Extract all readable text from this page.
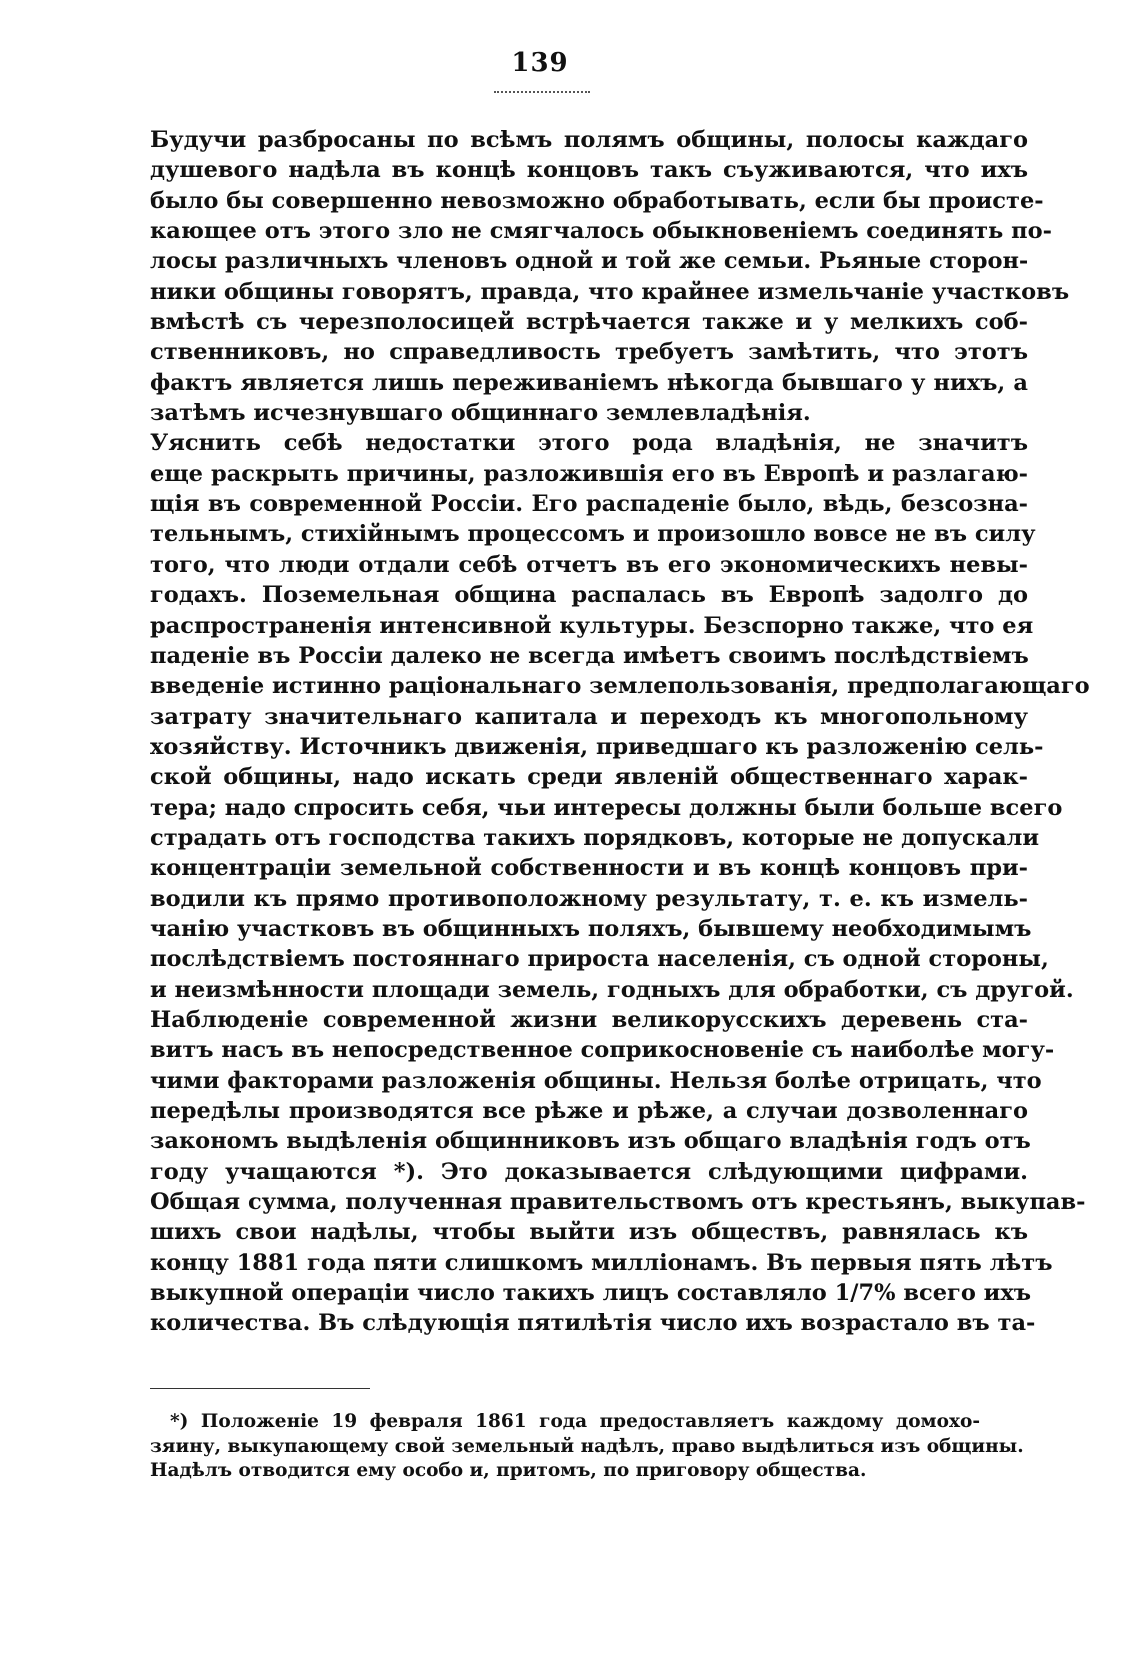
139
Будучи разбросаны по всѣмъ полямъ общины, полосы каждаго
душевого надѣла въ концѣ концовъ такъ съуживаются, что ихъ
было бы совершенно невозможно обработывать, если бы проистe-
кающее отъ этого зло не смягчалось обыкновеніемъ соединять по-
лосы различныхъ членовъ одной и той же семьи. Рьяные сторон-
ники общины говорятъ, правда, что крайнее измельчаніе участковъ
вмѣстѣ съ черезполосицей встрѣчается также и у мелкихъ соб-
ственниковъ, но справедливость требуетъ замѣтить, что этотъ
фактъ является лишь переживаніемъ нѣкогда бывшаго у нихъ, а
затѣмъ исчезнувшаго общиннаго землевладѣнія.
Уяснить себѣ недостатки этого рода владѣнія, не значитъ
еще раскрыть причины, разложившія его въ Европѣ и разлагаю-
щія въ современной Россіи. Его распаденіе было, вѣдь, безсозна-
тельнымъ, стихійнымъ процессомъ и произошло вовсе не въ силу
того, что люди отдали себѣ отчетъ въ его экономическихъ невы-
годахъ. Поземельная община распалась въ Европѣ задолго до
распространенія интенсивной культуры. Безспорно также, что ея
паденіе въ Россіи далеко не всегда имѣетъ своимъ послѣдствіемъ
введеніе истинно раціональнаго землепользованія, предполагающаго
затрату значительнаго капитала и переходъ къ многопольному
хозяйству. Источникъ движенія, приведшаго къ разложенію сель-
ской общины, надо искать среди явленій общественнаго харак-
тера; надо спросить себя, чьи интересы должны были больше всего
страдать отъ господства такихъ порядковъ, которые не допускали
концентраціи земельной собственности и въ концѣ концовъ при-
водили къ прямо противоположному результату, т. е. къ измель-
чанію участковъ въ общинныхъ поляхъ, бывшему необходимымъ
послѣдствіемъ постояннаго прироста населенія, съ одной стороны,
и неизмѣнности площади земель, годныхъ для обработки, съ другой.
Наблюденіе современной жизни великорусскихъ деревень ста-
витъ насъ въ непосредственное соприкосновеніе съ наиболѣе могу-
чими факторами разложенія общины. Нельзя болѣе отрицать, что
передѣлы производятся все рѣже и рѣже, а случаи дозволеннаго
закономъ выдѣленія общинниковъ изъ общаго владѣнія годъ отъ
году учащаются *). Это доказывается слѣдующими цифрами.
Общая сумма, полученная правительствомъ отъ крестьянъ, выкупав-
шихъ свои надѣлы, чтобы выйти изъ обществъ, равнялась къ
концу 1881 года пяти слишкомъ милліонамъ. Въ первыя пять лѣтъ
выкупной операціи число такихъ лицъ составляло 1/7% всего ихъ
количества. Въ слѣдующія пятилѣтія число ихъ возрастало въ та-
*) Положеніе 19 февраля 1861 года предоставляетъ каждому домохо-
зяину, выкупающему свой земельный надѣлъ, право выдѣлиться изъ общины.
Надѣлъ отводится ему особо и, притомъ, по приговору общества.
